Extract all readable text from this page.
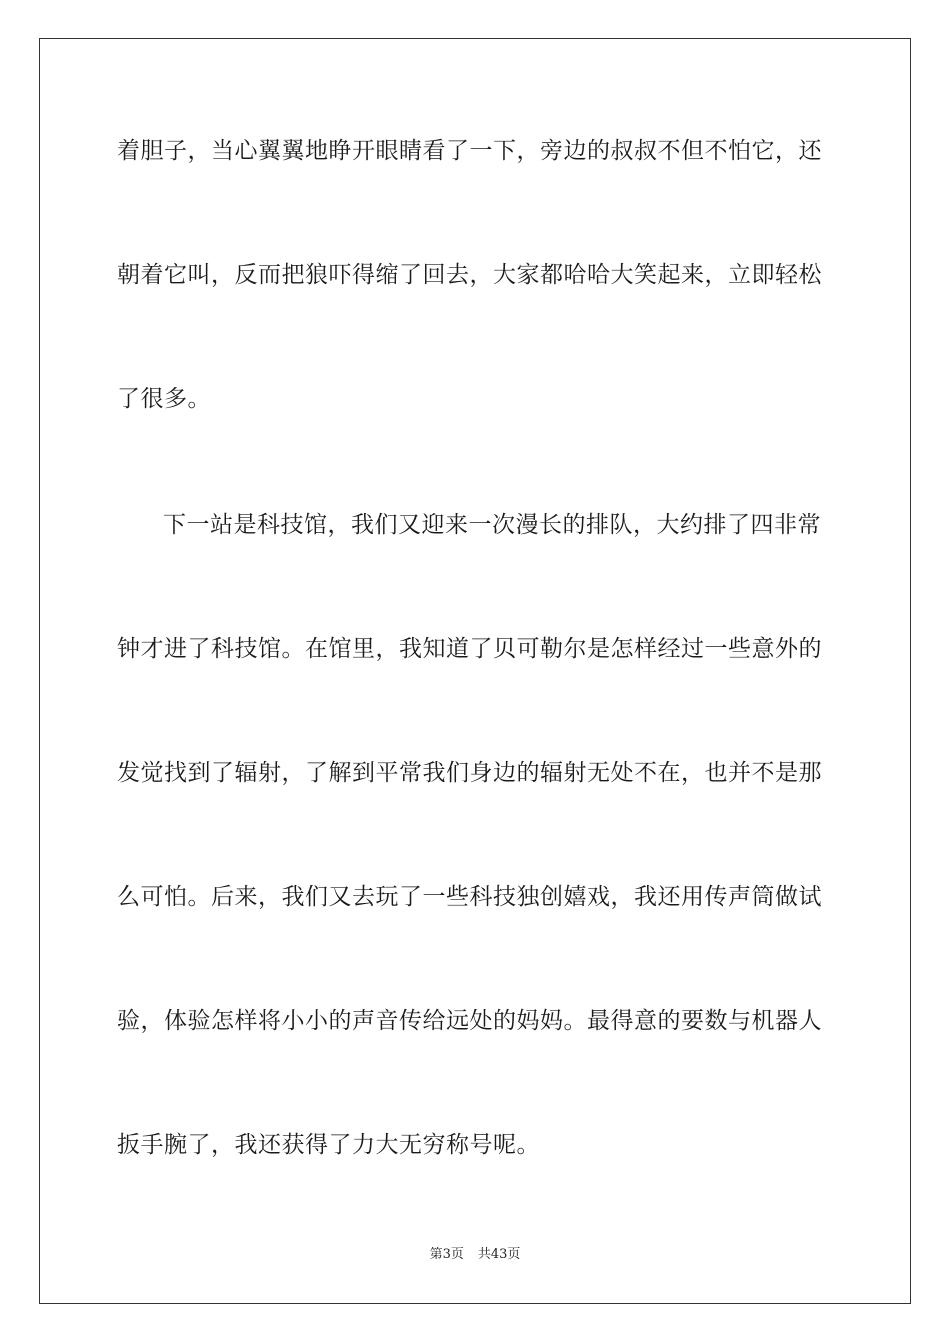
着胆子，当心翼翼地睁开眼睛看了一下，旁边的叔叔不但不怕它，还
朝着它叫，反而把狼吓得缩了回去，大家都哈哈大笑起来，立即轻松
了很多。
下一站是科技馆，我们又迎来一次漫长的排队，大约排了四非常
钟才进了科技馆。在馆里，我知道了贝可勒尔是怎样经过一些意外的
发觉找到了辐射，了解到平常我们身边的辐射无处不在，也并不是那
么可怕。后来，我们又去玩了一些科技独创嬉戏，我还用传声筒做试
验，体验怎样将小小的声音传给远处的妈妈。最得意的要数与机器人
扳手腕了，我还获得了力大无穷称号呢。
第3页 共43页
